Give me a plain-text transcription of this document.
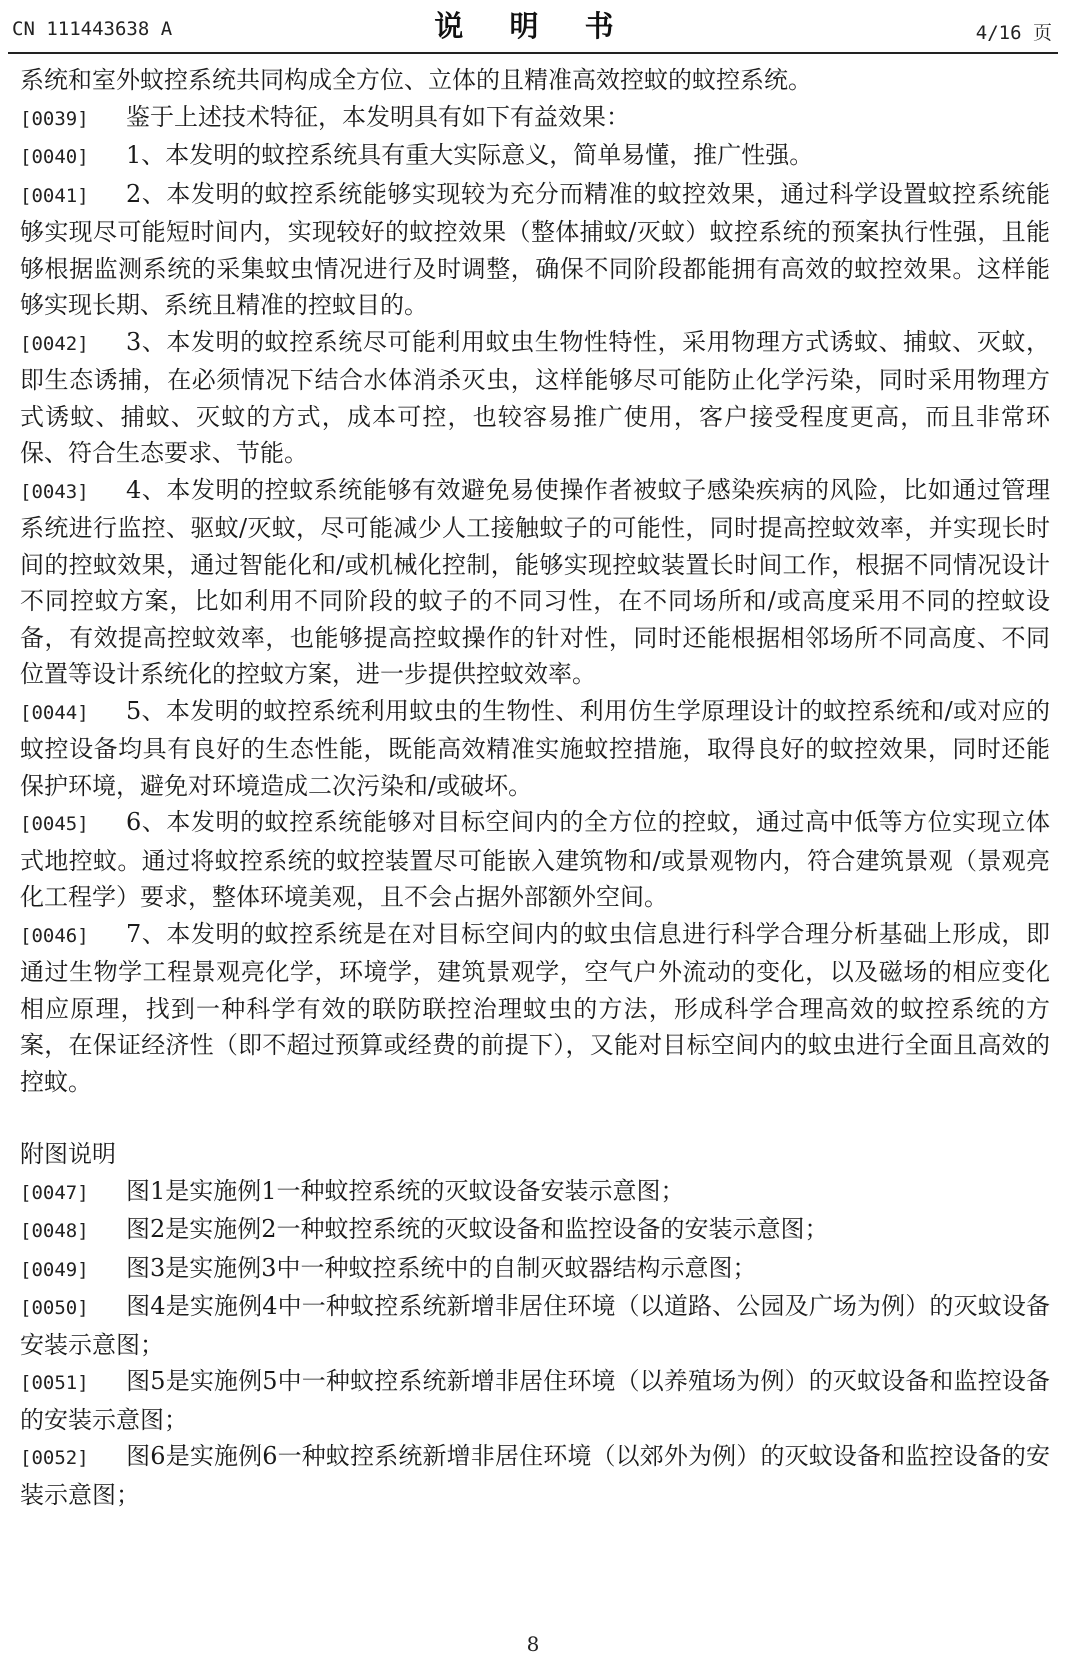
CN 111443638 A	说 明 书	4/16 页

系统和室外蚊控系统共同构成全方位、立体的且精准高效控蚊的蚊控系统。

[0039] 鉴于上述技术特征，本发明具有如下有益效果：

[0040] 1、本发明的蚊控系统具有重大实际意义，简单易懂，推广性强。

[0041] 2、本发明的蚊控系统能够实现较为充分而精准的蚊控效果，通过科学设置蚊控系统能够实现尽可能短时间内，实现较好的蚊控效果（整体捕蚊/灭蚊）蚊控系统的预案执行性强，且能够根据监测系统的采集蚊虫情况进行及时调整，确保不同阶段都能拥有高效的蚊控效果。这样能够实现长期、系统且精准的控蚊目的。

[0042] 3、本发明的蚊控系统尽可能利用蚊虫生物性特性，采用物理方式诱蚊、捕蚊、灭蚊，即生态诱捕，在必须情况下结合水体消杀灭虫，这样能够尽可能防止化学污染，同时采用物理方式诱蚊、捕蚊、灭蚊的方式，成本可控，也较容易推广使用，客户接受程度更高，而且非常环保、符合生态要求、节能。

[0043] 4、本发明的控蚊系统能够有效避免易使操作者被蚊子感染疾病的风险，比如通过管理系统进行监控、驱蚊/灭蚊，尽可能减少人工接触蚊子的可能性，同时提高控蚊效率，并实现长时间的控蚊效果，通过智能化和/或机械化控制，能够实现控蚊装置长时间工作，根据不同情况设计不同控蚊方案，比如利用不同阶段的蚊子的不同习性，在不同场所和/或高度采用不同的控蚊设备，有效提高控蚊效率，也能够提高控蚊操作的针对性，同时还能根据相邻场所不同高度、不同位置等设计系统化的控蚊方案，进一步提供控蚊效率。

[0044] 5、本发明的蚊控系统利用蚊虫的生物性、利用仿生学原理设计的蚊控系统和/或对应的蚊控设备均具有良好的生态性能，既能高效精准实施蚊控措施，取得良好的蚊控效果，同时还能保护环境，避免对环境造成二次污染和/或破坏。

[0045] 6、本发明的蚊控系统能够对目标空间内的全方位的控蚊，通过高中低等方位实现立体式地控蚊。通过将蚊控系统的蚊控装置尽可能嵌入建筑物和/或景观物内，符合建筑景观（景观亮化工程学）要求，整体环境美观，且不会占据外部额外空间。

[0046] 7、本发明的蚊控系统是在对目标空间内的蚊虫信息进行科学合理分析基础上形成，即通过生物学工程景观亮化学，环境学，建筑景观学，空气户外流动的变化，以及磁场的相应变化相应原理，找到一种科学有效的联防联控治理蚊虫的方法，形成科学合理高效的蚊控系统的方案，在保证经济性（即不超过预算或经费的前提下），又能对目标空间内的蚊虫进行全面且高效的控蚊。

附图说明

[0047] 图1是实施例1一种蚊控系统的灭蚊设备安装示意图；

[0048] 图2是实施例2一种蚊控系统的灭蚊设备和监控设备的安装示意图；

[0049] 图3是实施例3中一种蚊控系统中的自制灭蚊器结构示意图；

[0050] 图4是实施例4中一种蚊控系统新增非居住环境（以道路、公园及广场为例）的灭蚊设备安装示意图；

[0051] 图5是实施例5中一种蚊控系统新增非居住环境（以养殖场为例）的灭蚊设备和监控设备的安装示意图；

[0052] 图6是实施例6一种蚊控系统新增非居住环境（以郊外为例）的灭蚊设备和监控设备的安装示意图；

8
